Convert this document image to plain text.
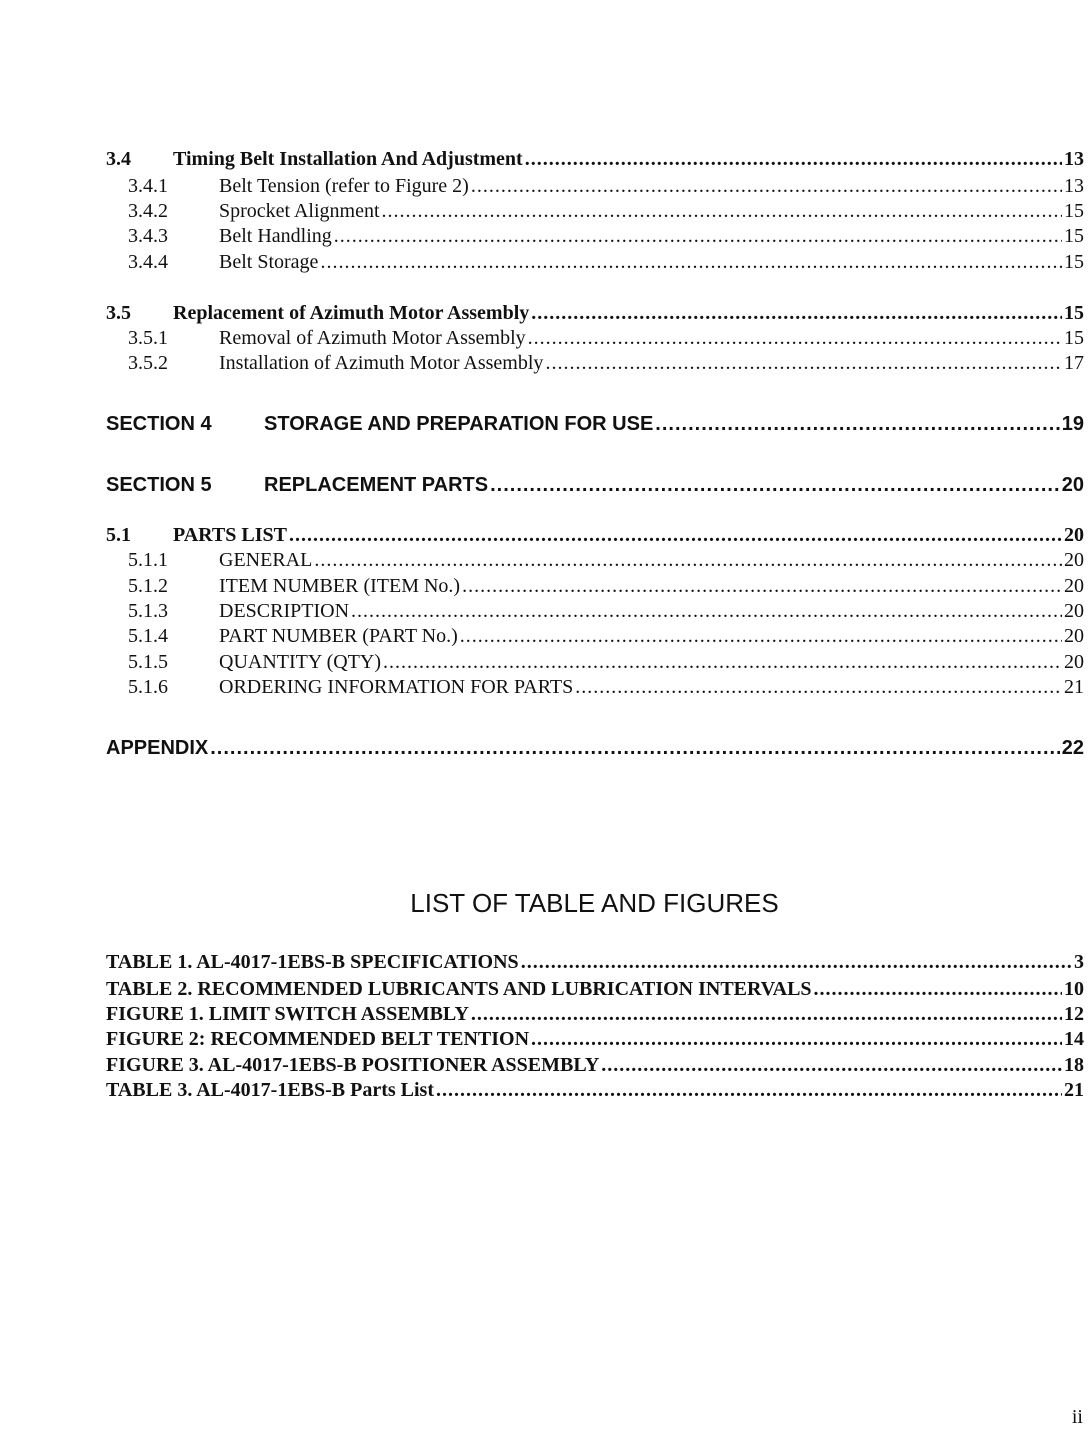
3.4	Timing Belt Installation And Adjustment .....	13
3.4.1	Belt Tension (refer to Figure 2) .....	13
3.4.2	Sprocket Alignment .....	15
3.4.3	Belt Handling .....	15
3.4.4	Belt Storage .....	15
3.5	Replacement of Azimuth Motor Assembly .....	15
3.5.1	Removal of Azimuth Motor Assembly .....	15
3.5.2	Installation of Azimuth Motor Assembly .....	17
SECTION 4	STORAGE AND PREPARATION FOR USE .....	19
SECTION 5	REPLACEMENT PARTS .....	20
5.1	PARTS LIST .....	20
5.1.1	GENERAL .....	20
5.1.2	ITEM NUMBER (ITEM No.) .....	20
5.1.3	DESCRIPTION .....	20
5.1.4	PART NUMBER (PART No.) .....	20
5.1.5	QUANTITY (QTY) .....	20
5.1.6	ORDERING INFORMATION FOR PARTS .....	21
APPENDIX .....	22
LIST OF TABLE AND FIGURES
TABLE 1. AL-4017-1EBS-B SPECIFICATIONS .....	3
TABLE 2. RECOMMENDED LUBRICANTS AND LUBRICATION INTERVALS .....	10
FIGURE 1. LIMIT SWITCH ASSEMBLY .....	12
FIGURE 2: RECOMMENDED BELT TENTION .....	14
FIGURE 3. AL-4017-1EBS-B POSITIONER ASSEMBLY .....	18
TABLE 3. AL-4017-1EBS-B Parts List .....	21
ii
